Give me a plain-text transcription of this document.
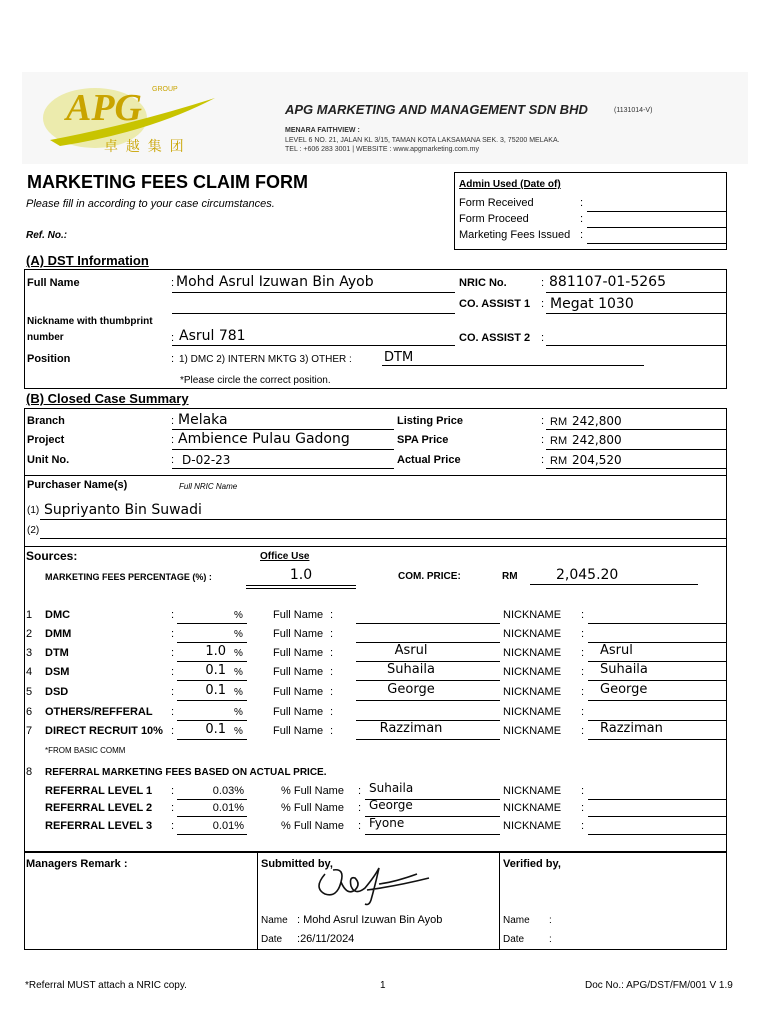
APG GROUP
卓 越 集 团
APG MARKETING AND MANAGEMENT SDN BHD	(1131014-V)
MENARA FAITHVIEW :
LEVEL 6 NO. 21, JALAN KL 3/15, TAMAN KOTA LAKSAMANA SEK. 3, 75200 MELAKA.
TEL : +606 283 3001 | WEBSITE : www.apgmarketing.com.my
MARKETING FEES CLAIM FORM
Please fill in according to your case circumstances.
Ref. No.:
Admin Used (Date of)
Form Received	:
Form Proceed	:
Marketing Fees Issued :
(A) DST Information
Full Name	: Mohd Asrul Izuwan Bin Ayob	NRIC No.	: 881107-01-5265
CO. ASSIST 1 : Megat 1030
Nickname with thumbprint
number	: Asrul 781	CO. ASSIST 2 :
Position	: 1) DMC 2) INTERN MKTG 3) OTHER : DTM
*Please circle the correct position.
(B) Closed Case Summary
Branch	: Melaka
Project	: Ambience Pulau Gadong
Unit No.	: D-02-23
Listing Price	: RM 242,800
SPA Price	: RM 242,800
Actual Price	: RM 204,520
Purchaser Name(s)	Full NRIC Name
(1) Supriyanto Bin Suwadi
(2)
Sources:	Office Use
MARKETING FEES PERCENTAGE (%) :	1.0	COM. PRICE:	RM	2,045.20
1 DMC	:	%	Full Name :	NICKNAME :
2 DMM	:	%	Full Name :	NICKNAME :
3 DTM	:	1.0 %	Full Name :	Asrul	NICKNAME : Asrul
4 DSM	:	0.1 %	Full Name :	Suhaila	NICKNAME : Suhaila
5 DSD	:	0.1 %	Full Name :	George	NICKNAME : George
6 OTHERS/REFFERAL :	%	Full Name :	NICKNAME :
7 DIRECT RECRUIT 10% :	0.1 %	Full Name :	Razziman	NICKNAME : Razziman
*FROM BASIC COMM
8 REFERRAL MARKETING FEES BASED ON ACTUAL PRICE.
REFERRAL LEVEL 1 :	0.03%	% Full Name : Suhaila	NICKNAME :
REFERRAL LEVEL 2 :	0.01%	% Full Name : George	NICKNAME :
REFERRAL LEVEL 3 :	0.01%	% Full Name : Fyone	NICKNAME :
Managers Remark :	Submitted by,	Verified by,
Name : Mohd Asrul Izuwan Bin Ayob
Date :26/11/2024
Name :
Date :
*Referral MUST attach a NRIC copy.	1	Doc No.: APG/DST/FM/001 V 1.9
